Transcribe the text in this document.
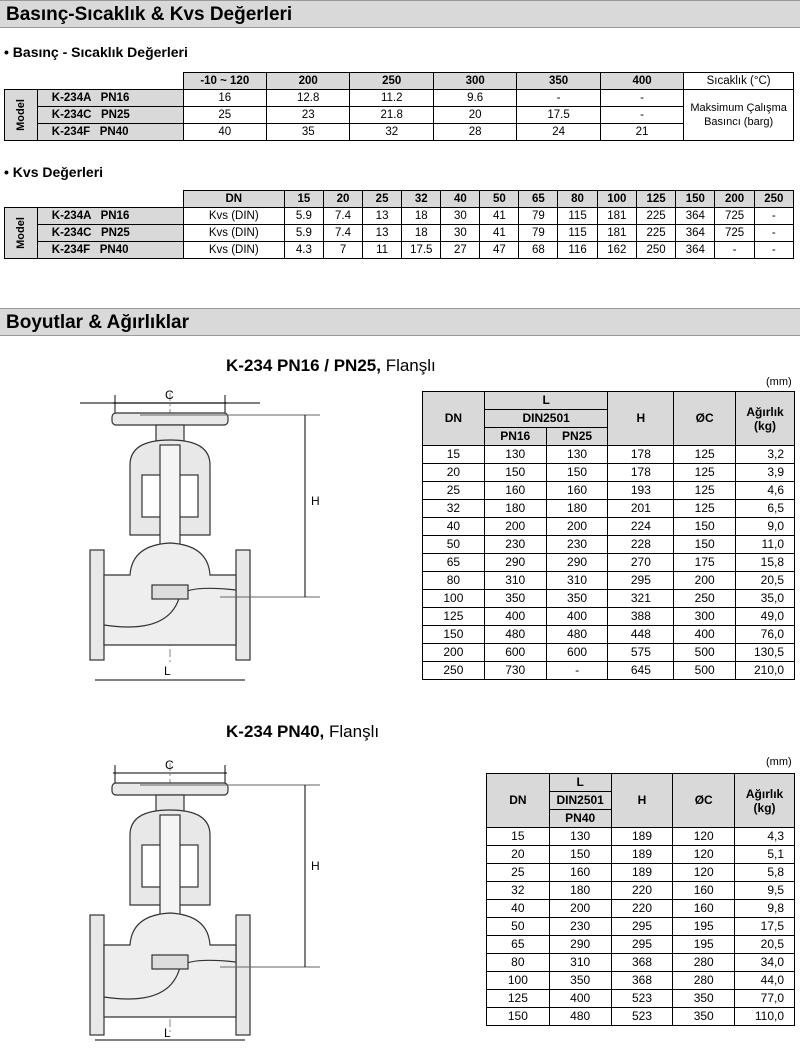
Basınç-Sıcaklık & Kvs Değerleri
• Basınç - Sıcaklık Değerleri
		-10 ~ 120	200	250	300	350	400	Sıcaklık (°C)
Model	K-234A   PN16	16	12.8	11.2	9.6	-	-	Maksimum Çalışma Basıncı (barg)
	K-234C   PN25	25	23	21.8	20	17.5	-	
	K-234F   PN40	40	35	32	28	24	21	
• Kvs Değerleri
		DN	15	20	25	32	40	50	65	80	100	125	150	200	250
Model	K-234A   PN16	Kvs (DIN)	5.9	7.4	13	18	30	41	79	115	181	225	364	725	-
	K-234C   PN25	Kvs (DIN)	5.9	7.4	13	18	30	41	79	115	181	225	364	725	-
	K-234F   PN40	Kvs (DIN)	4.3	7	11	17.5	27	47	68	116	162	250	364	-	-
Boyutlar & Ağırlıklar
K-234 PN16 / PN25, Flanşlı
(mm)
C
H
L
DN	L		H	ØC	Ağırlık (kg)
	DIN2501				
	PN16	PN25			
15	130	130	178	125	3,2
20	150	150	178	125	3,9
25	160	160	193	125	4,6
32	180	180	201	125	6,5
40	200	200	224	150	9,0
50	230	230	228	150	11,0
65	290	290	270	175	15,8
80	310	310	295	200	20,5
100	350	350	321	250	35,0
125	400	400	388	300	49,0
150	480	480	448	400	76,0
200	600	600	575	500	130,5
250	730	-	645	500	210,0
K-234 PN40, Flanşlı
(mm)
C
H
L
DN	L	H	ØC	Ağırlık (kg)
	DIN2501			
	PN40			
15	130	189	120	4,3
20	150	189	120	5,1
25	160	189	120	5,8
32	180	220	160	9,5
40	200	220	160	9,8
50	230	295	195	17,5
65	290	295	195	20,5
80	310	368	280	34,0
100	350	368	280	44,0
125	400	523	350	77,0
150	480	523	350	110,0
